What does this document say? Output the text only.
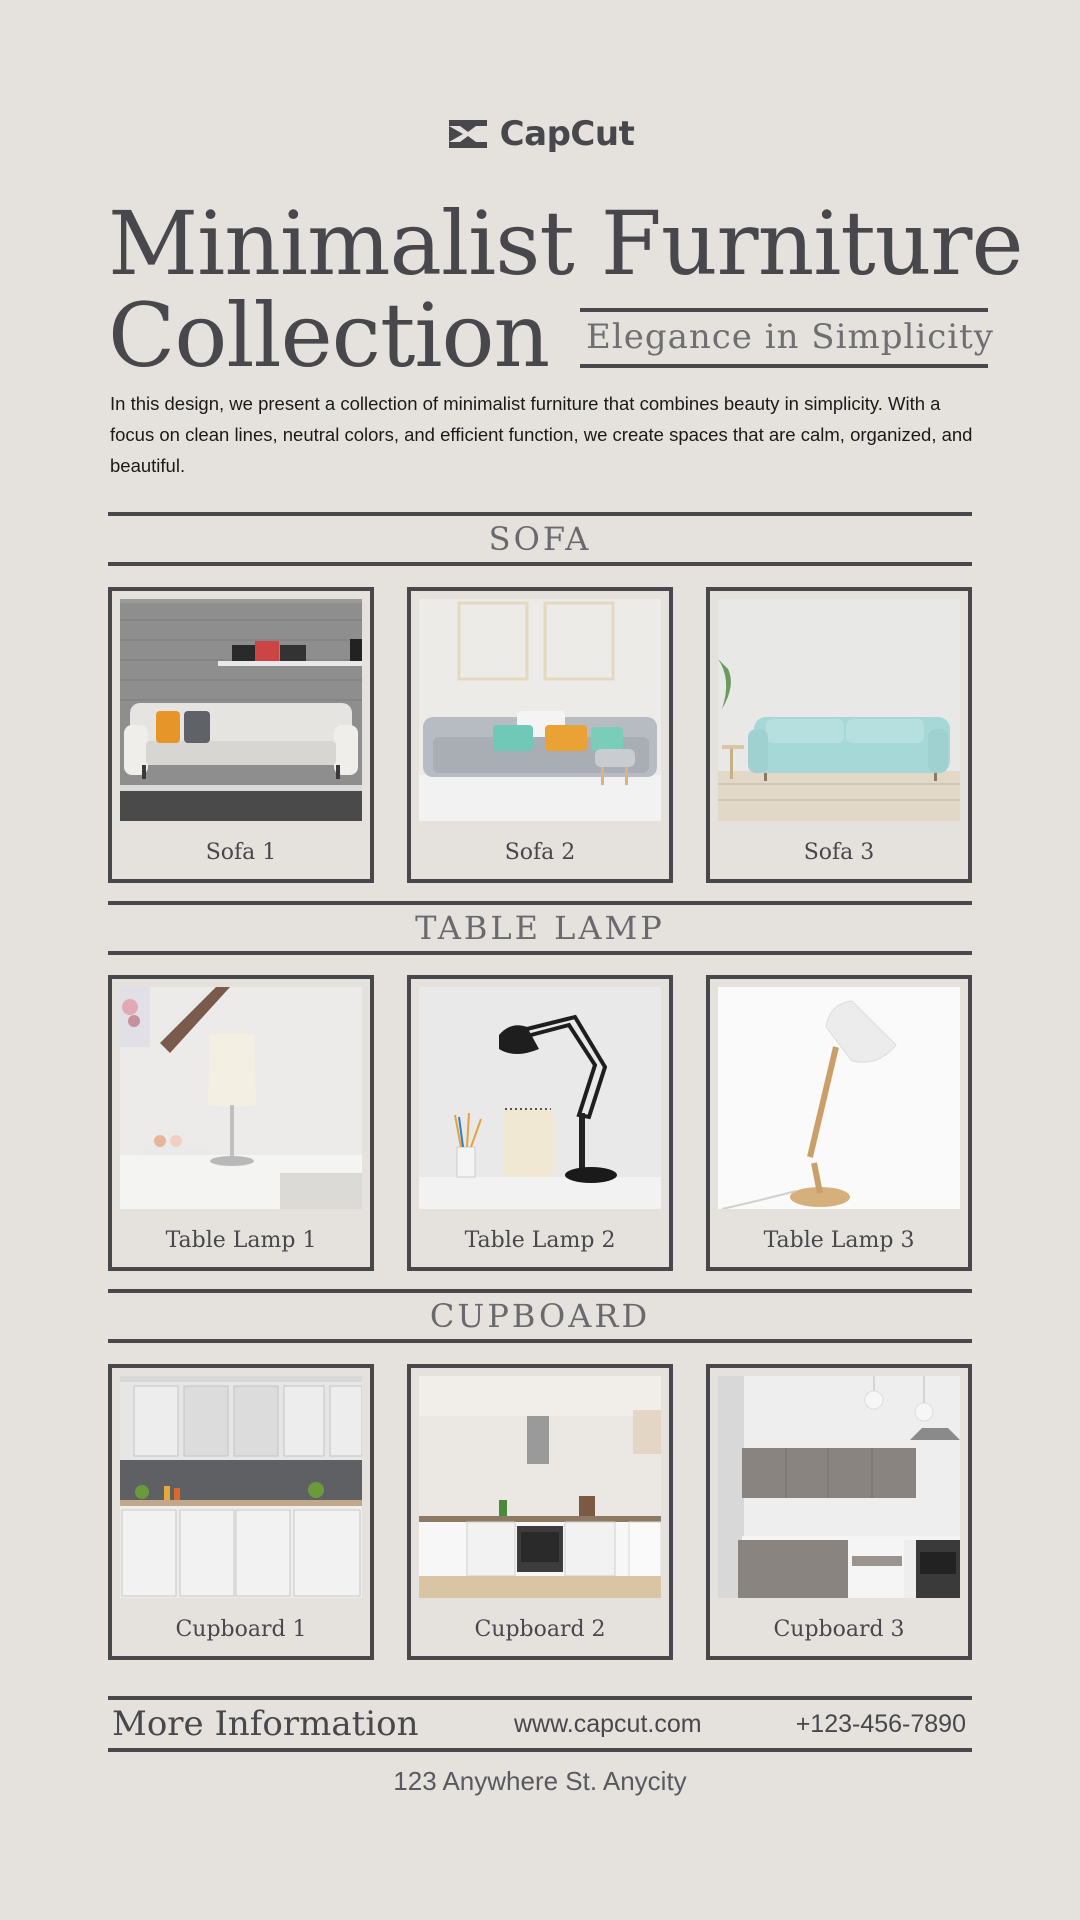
CapCut
Minimalist Furniture
Collection Elegance in Simplicity

In this design, we present a collection of minimalist furniture that combines beauty in simplicity. With a focus on clean lines, neutral colors, and efficient function, we create spaces that are calm, organized, and beautiful.

SOFA
Sofa 1	Sofa 2	Sofa 3
TABLE LAMP
Table Lamp 1	Table Lamp 2	Table Lamp 3
CUPBOARD
Cupboard 1	Cupboard 2	Cupboard 3
More Information	www.capcut.com	+123-456-7890
123 Anywhere St. Anycity
